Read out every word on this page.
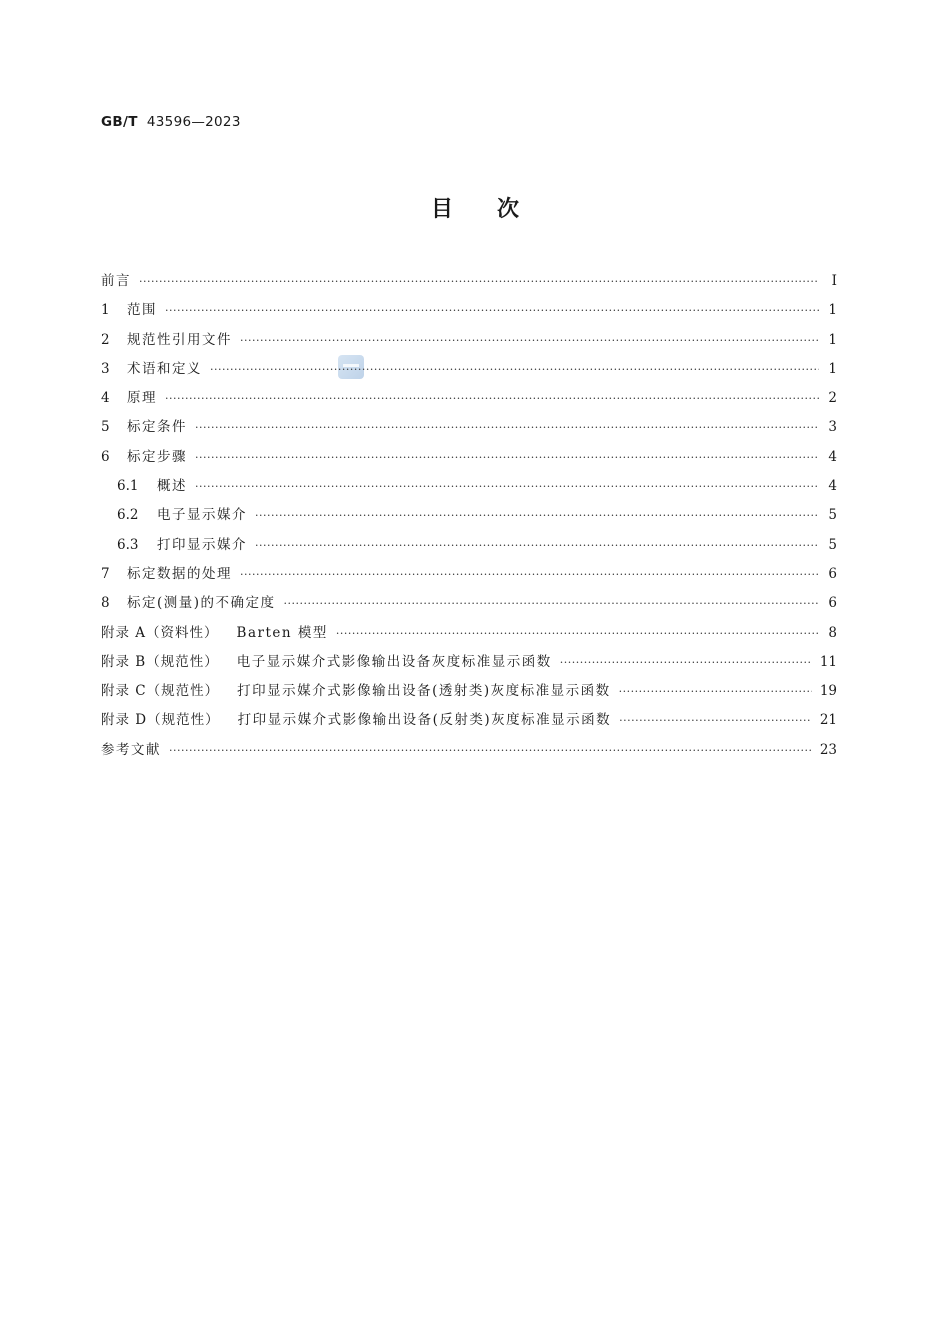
GB/T 43596—2023
目　　次
前言 ·····	Ⅰ
1	范围 ·····	1
2	规范性引用文件 ·····	1
3	术语和定义 ·····	1
4	原理 ·····	2
5	标定条件 ·····	3
6	标定步骤 ·····	4
6.1	概述 ·····	4
6.2	电子显示媒介 ·····	5
6.3	打印显示媒介 ·····	5
7	标定数据的处理 ·····	6
8	标定(测量)的不确定度 ·····	6
附录 A（资料性） Barten 模型 ·····	8
附录 B（规范性） 电子显示媒介式影像输出设备灰度标准显示函数 ·····	11
附录 C（规范性） 打印显示媒介式影像输出设备(透射类)灰度标准显示函数 ·····	19
附录 D（规范性） 打印显示媒介式影像输出设备(反射类)灰度标准显示函数 ·····	21
参考文献 ·····	23
